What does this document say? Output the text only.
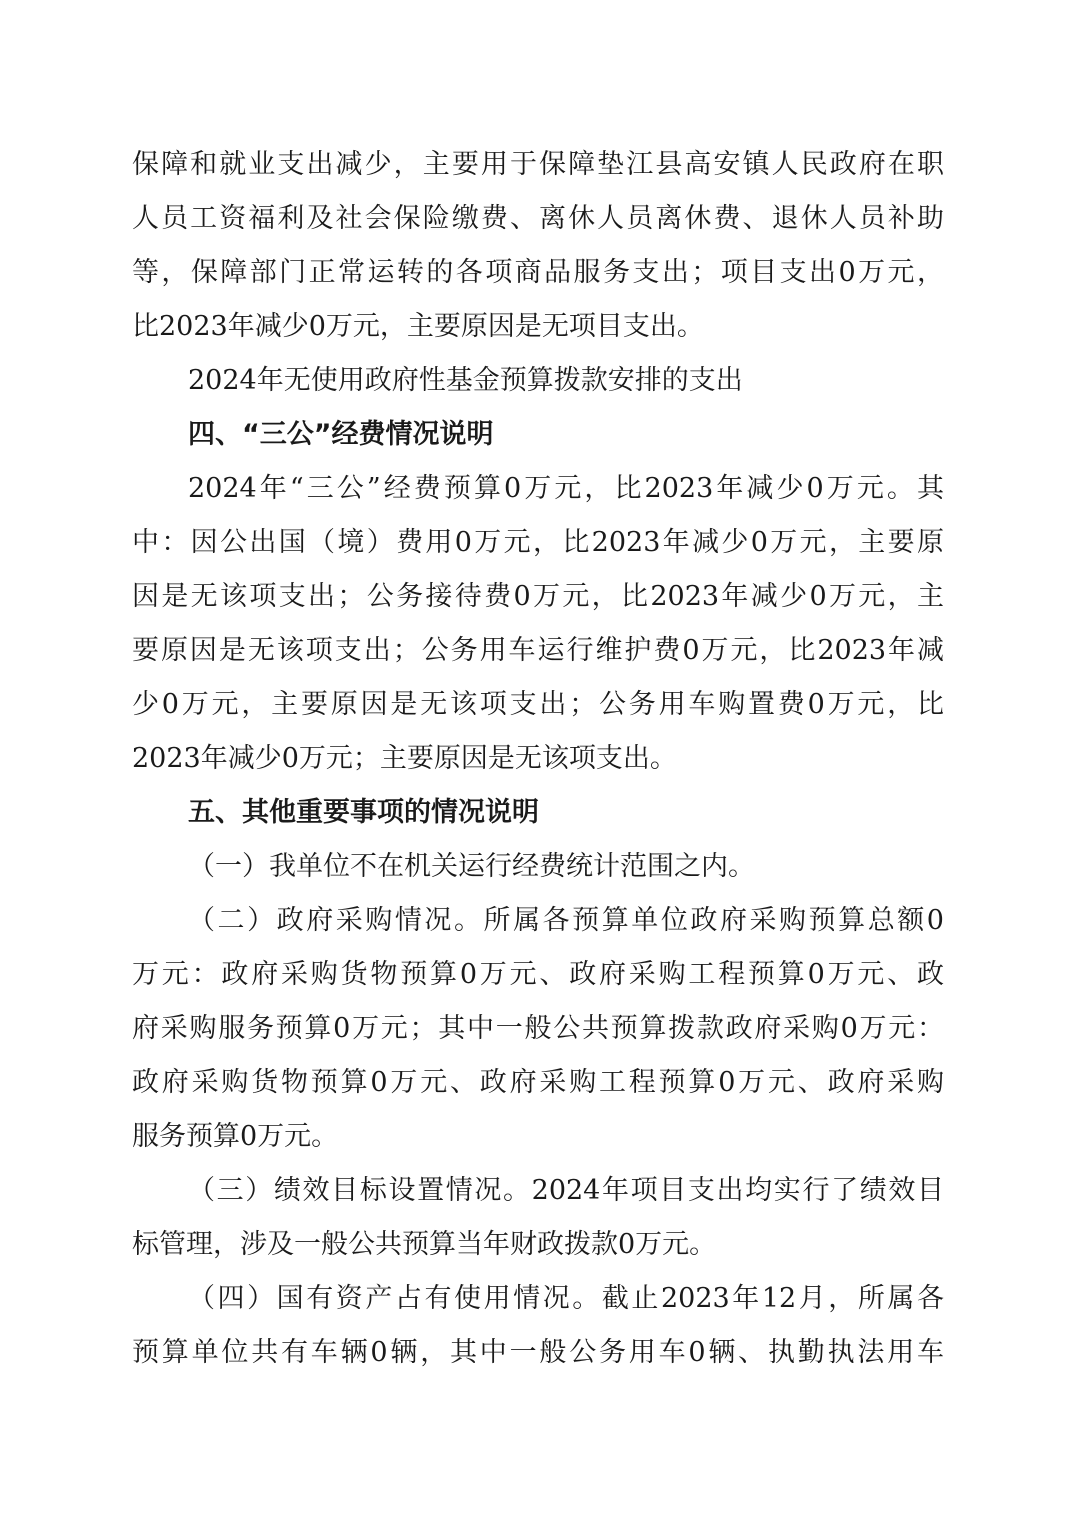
保障和就业支出减少，主要用于保障垫江县高安镇人民政府在职
人员工资福利及社会保险缴费、离休人员离休费、退休人员补助
等，保障部门正常运转的各项商品服务支出；项目支出0万元，
比2023年减少0万元，主要原因是无项目支出。
2024年无使用政府性基金预算拨款安排的支出
四、“三公”经费情况说明
2024年“三公”经费预算0万元，比2023年减少0万元。其
中：因公出国（境）费用0万元，比2023年减少0万元，主要原
因是无该项支出；公务接待费0万元，比2023年减少0万元，主
要原因是无该项支出；公务用车运行维护费0万元，比2023年减
少0万元，主要原因是无该项支出；公务用车购置费0万元，比
2023年减少0万元；主要原因是无该项支出。
五、其他重要事项的情况说明
（一）我单位不在机关运行经费统计范围之内。
（二）政府采购情况。所属各预算单位政府采购预算总额0
万元：政府采购货物预算0万元、政府采购工程预算0万元、政
府采购服务预算0万元；其中一般公共预算拨款政府采购0万元：
政府采购货物预算0万元、政府采购工程预算0万元、政府采购
服务预算0万元。
（三）绩效目标设置情况。2024年项目支出均实行了绩效目
标管理，涉及一般公共预算当年财政拨款0万元。
（四）国有资产占有使用情况。截止2023年12月，所属各
预算单位共有车辆0辆，其中一般公务用车0辆、执勤执法用车
